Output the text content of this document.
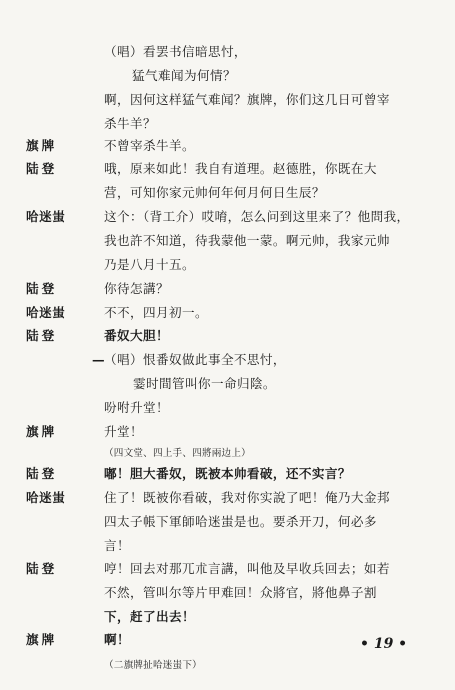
（唱）看罢书信暗思忖，
猛气难闻为何情？
啊，因何这样猛气难闻？旗牌，你们这几日可曾宰
杀牛羊？
旗牌	不曾宰杀牛羊。
陆登	哦，原来如此！我自有道理。赵德胜，你既在大
营，可知你家元帅何年何月何日生辰？
哈迷蚩	这个：（背工介）哎唷，怎么问到这里来了？他問我，
我也許不知道，待我蒙他一蒙。啊元帅，我家元帅
乃是八月十五。
陆登	你待怎講？
哈迷蚩	不不，四月初一。
陆登	番奴大胆！
—
（唱）恨番奴做此事全不思忖，
霎时間管叫你一命归陰。
吩咐升堂！
旗牌	升堂！
（四文堂、四上手、四將兩边上）
陆登	嘟！胆大番奴，既被本帅看破，还不实言？
哈迷蚩	住了！既被你看破，我对你实說了吧！俺乃大金邦
四太子帳下軍師哈迷蚩是也。要杀开刀，何必多
言！
陆登	哼！回去对那兀朮言講，叫他及早收兵回去；如若
不然，管叫尔等片甲难回！众將官，將他鼻子割
下，赶了出去！
旗牌	啊！
（二旗牌扯哈迷蚩下）
• 19 •
